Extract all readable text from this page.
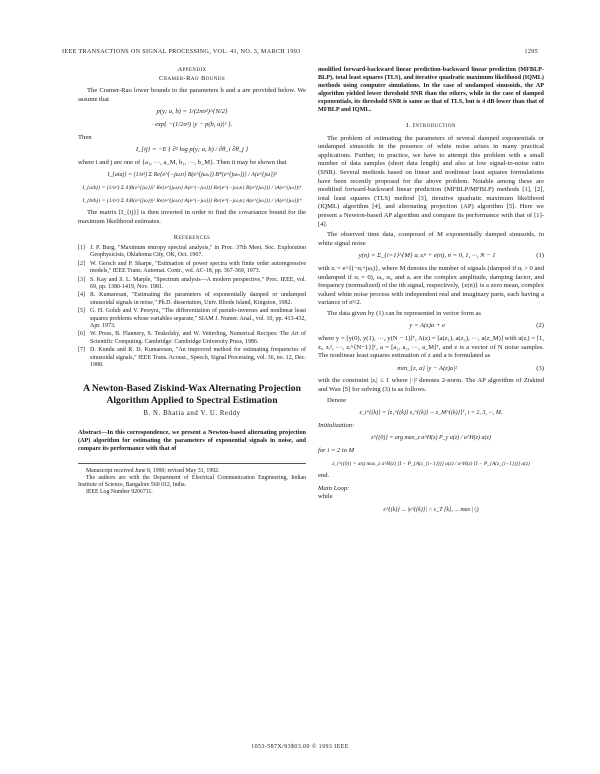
IEEE TRANSACTIONS ON SIGNAL PROCESSING, VOL. 41, NO. 3, MARCH 1993	1295
Appendix
Cramer-Rao Bounds

The Cramer-Rao lower bounds to the parameters b and a are provided below. We assume that

p(y; a, b) = 1/(2πσ²)^{N/2}
· exp{ −(1/2σ²) |y − p(b, a)|² }.

Then

I_{ij} = −E { ∂² log p(y; a, b) / ∂θ_i ∂θ_j }

where i and j are one of {a₁, ···, a_M, b₁, ···, b_M}. Then it may be shown that

I_{aiaj} = (1/σ²) Σ Re{e^{−jωᵢn} B(e^{jωₙ}) B*(e^{jωₙ})} / A(e^{jω})²
I_{aibj} = (1/σ²) Σ 4|B(e^{jω})|² Re{e^{jωᵢn} A(e^{−jω})} Re{e^{−jωⱼn} B(e^{jω})} / |A(e^{jω})|⁴
I_{bibj} = (1/σ²) Σ 4|B(e^{jω})|² Re{e^{jωᵢn} A(e^{−jω})} Re{e^{−jωⱼn} A(e^{jω})} / |A(e^{jω})|⁴

The matrix [I_{ij}] is then inverted in order to find the covariance bound for the maximum likelihood estimates.

References
[1] J. P. Burg, "Maximum entropy spectral analysis," in Proc. 37th Meet. Soc. Exploration Geophysicists, Oklahoma City, OK, Oct. 1967.
[2] W. Gersch and P. Sharpe, "Estimation of power spectra with finite order autoregressive models," IEEE Trans. Automat. Contr., vol. AC-18, pp. 367-369, 1973.
[3] S. Kay and S. L. Marple, "Spectrum analysis—A modern perspective," Proc. IEEE, vol. 69, pp. 1380-1419, Nov. 1981.
[4] R. Kumaresan, "Estimating the parameters of exponentially damped or undamped sinusoidal signals in noise," Ph.D. dissertation, Univ. Rhode Island, Kingston, 1982.
[5] G. H. Golub and V. Pereyra, "The differentiation of pseudo-inverses and nonlinear least squares problems whose variables separate," SIAM J. Numer. Anal., vol. 10, pp. 413-432, Apr. 1973.
[6] W. Press, B. Flannery, S. Teukolsky, and W. Vetterling, Numerical Recipes: The Art of Scientific Computing. Cambridge: Cambridge University Press, 1986.
[7] D. Kundu and R. D. Kumaresan, "An improved method for estimating frequencies of sinusoidal signals," IEEE Trans. Acoust., Speech, Signal Processing, vol. 36, no. 12, Dec. 1988.
A Newton-Based Ziskind-Wax Alternating Projection
Algorithm Applied to Spectral Estimation
B. N. Bhatia and V. U. Reddy

Abstract—In this correspondence, we present a Newton-based alternating projection (AP) algorithm for estimating the parameters of exponential signals in noise, and compare its performance with that of

Manuscript received June 8, 1990; revised May 31, 1992.

The authors are with the Department of Electrical Communication Engineering, Indian Institute of Science, Bangalore 560 012, India.

IEEE Log Number 9206711.

modified forward-backward linear prediction-backward linear prediction (MFBLP-BLP), total least squares (TLS), and iterative quadratic maximum likelihood (IQML) methods using computer simulations. In the case of undamped sinusoids, the AP algorithm yielded lower threshold SNR than the others, while in the case of damped exponentials, its threshold SNR is same as that of TLS, but is 4 dB lower than that of MFBLP and IQML.

I. Introduction

The problem of estimating the parameters of several damped exponentials or undamped sinusoids in the presence of white noise arises in many practical applications. Further, in practice, we have to attempt this problem with a small number of data samples (short data length) and also at low signal-to-noise ratio (SNR). Several methods based on linear and nonlinear least squares formulations have been recently proposed for the above problem. Notable among these are modified forward-backward linear prediction (MFBLP/MFBLP) methods [1], [2], total least squares (TLS) method [3], iterative quadratic maximum likelihood (IQML) algorithm [4], and alternating projection (AP) algorithm [5]. Here we present a Newton-based AP algorithm and compare its performance with that of [1]-[4].

The observed time data, composed of M exponentially damped sinusoids, in white signal noise

y(n) = Σ_{i=1}^{M} aᵢ zᵢⁿ + e(n), n = 0, 1, ···, N − 1	(1)

with zᵢ = e^{(−αᵢ+jωᵢ)}, where M denotes the number of signals (damped if αᵢ > 0 and undamped if αᵢ = 0), ωᵢ, αᵢ, and aᵢ are the complex amplitude, damping factor, and frequency (normalized) of the ith signal, respectively, {e(n)} is a zero mean, complex valued white noise process with independent real and imaginary parts, each having a variance of σ²/2.

The data given by (1) can be represented in vector form as

y = A(z)a + e	(2)

where y = [y(0), y(1), ···, y(N − 1)]ᵀ, A(z) = [a(z₁), a(z₂), ···, a(z_M)] with a(zᵢ) = [1, zᵢ, zᵢ², ···, zᵢ^{N−1}]ᵀ, a = [a₁, a₂, ···, a_M]ᵀ, and e is a vector of N noise samples. The nonlinear least squares estimation of z and a is formulated as

min_{z, a} |y − A(z)a|²	(3)

with the constraint |zᵢ| ≤ 1 where |·|² denotes 2-norm. The AP algorithm of Ziskind and Wax [5] for solving (3) is as follows.

Denote

z_i^{(k)} = [z₁^{(k)} z₂^{(k)} ··· z_M^{(k)}]ᵀ, i = 2, 3, ···, M.
Initialization:
z^{(0)} = arg max_z a^H(z) P_y a(z) / a^H(z) a(z)
for i = 2 to M
z_i^{(0)} = arg max_z a^H(z) [I − P_{A(z_{i−1})}] a(z) / a^H(z) [I − P_{A(z_{i−1})}] a(z)
end.
Main Loop:
while
ε^{(k)} ... |ε^{(k)}| < ε_T [k], ... max |·|)
1053-587X/93$03.00 © 1993 IEEE
